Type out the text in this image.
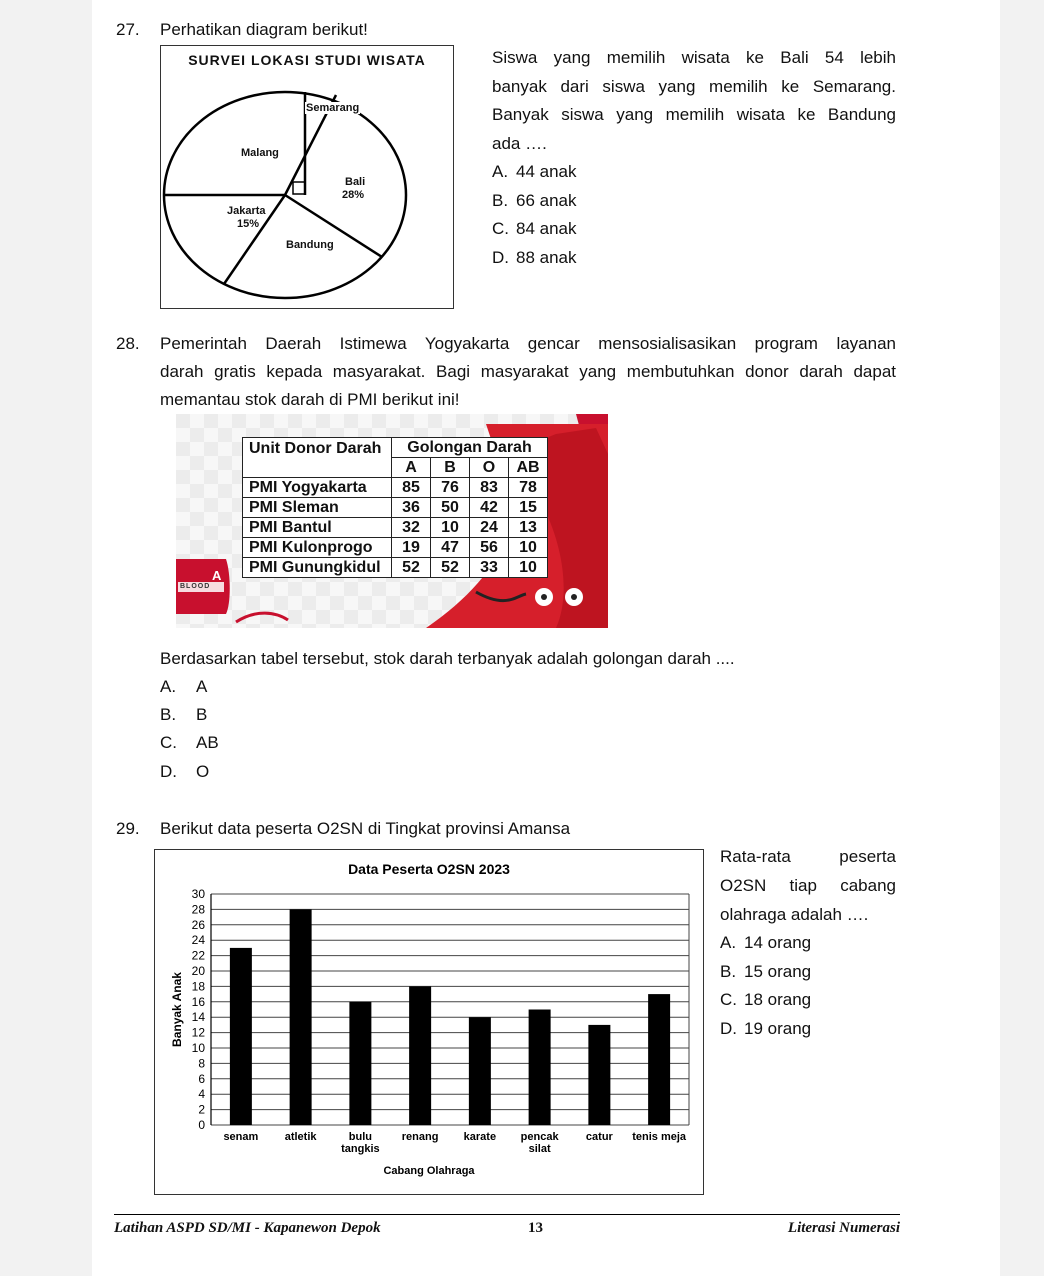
27. Perhatikan diagram berikut!
SURVEI LOKASI STUDI WISATA
Semarang
Bali
28%
Bandung
Jakarta
15%
Malang
Siswa yang memilih wisata ke Bali 54 lebih
banyak dari siswa yang memilih ke Semarang.
Banyak siswa yang memilih wisata ke Bandung
ada ….
A. 44 anak
B. 66 anak
C. 84 anak
D. 88 anak
28. Pemerintah Daerah Istimewa Yogyakarta gencar mensosialisasikan program layanan
darah gratis kepada masyarakat. Bagi masyarakat yang membutuhkan donor darah dapat
memantau stok darah di PMI berikut ini!
A
BLOOD
Unit Donor Darah	Golongan Darah			
	A	B	O	AB
PMI Yogyakarta	85	76	83	78
PMI Sleman	36	50	42	15
PMI Bantul	32	10	24	13
PMI Kulonprogo	19	47	56	10
PMI Gunungkidul	52	52	33	10
Berdasarkan tabel tersebut, stok darah terbanyak adalah golongan darah ....
A. A
B. B
C. AB
D. O
29. Berikut data peserta O2SN di Tingkat provinsi Amansa
Data Peserta O2SN 2023
0
2
4
6
8
10
12
14
16
18
20
22
24
26
28
30
senam atletik	bulu
tangkis
renang karate pencak
silat
catur tenis meja
Cabang Olahraga
Banyak Anak
Rata-rata peserta
O2SN tiap cabang
olahraga adalah ….
A. 14 orang
B. 15 orang
C. 18 orang
D. 19 orang
Latihan ASPD SD/MI - Kapanewon Depok	13	Literasi Numerasi
